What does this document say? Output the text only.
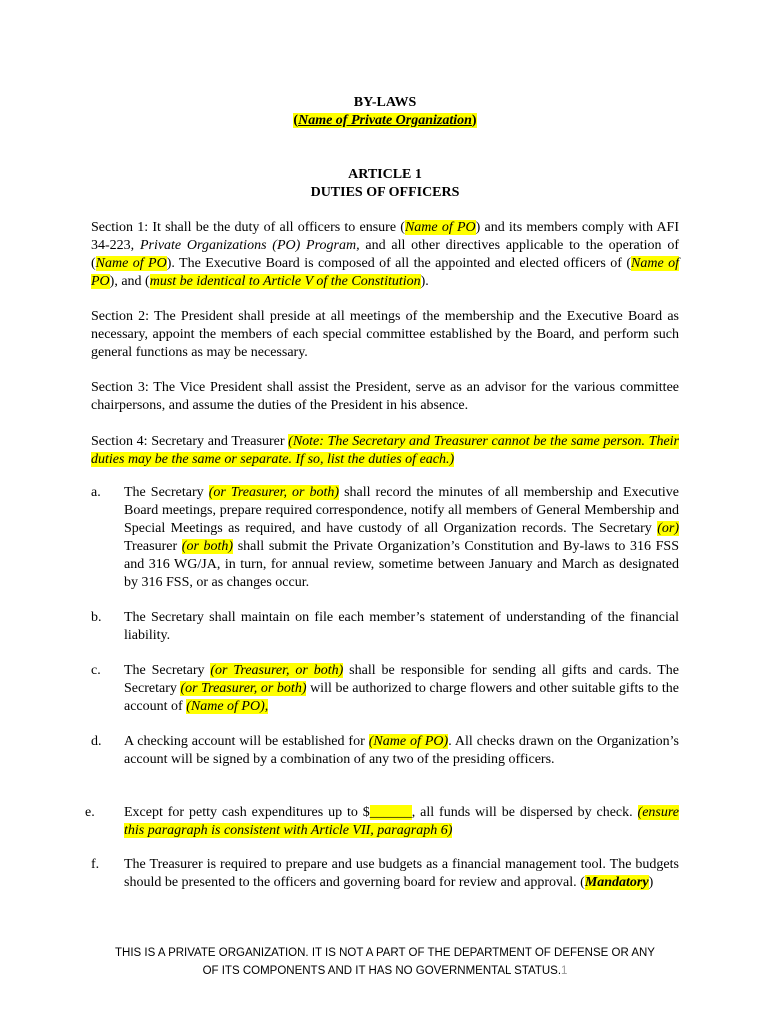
BY-LAWS
(Name of Private Organization)
ARTICLE 1
DUTIES OF OFFICERS
Section 1: It shall be the duty of all officers to ensure (Name of PO) and its members comply with AFI 34-223, Private Organizations (PO) Program, and all other directives applicable to the operation of (Name of PO). The Executive Board is composed of all the appointed and elected officers of (Name of PO), and (must be identical to Article V of the Constitution).
Section 2: The President shall preside at all meetings of the membership and the Executive Board as necessary, appoint the members of each special committee established by the Board, and perform such general functions as may be necessary.
Section 3: The Vice President shall assist the President, serve as an advisor for the various committee chairpersons, and assume the duties of the President in his absence.
Section 4: Secretary and Treasurer (Note: The Secretary and Treasurer cannot be the same person. Their duties may be the same or separate. If so, list the duties of each.)
a. The Secretary (or Treasurer, or both) shall record the minutes of all membership and Executive Board meetings, prepare required correspondence, notify all members of General Membership and Special Meetings as required, and have custody of all Organization records. The Secretary (or) Treasurer (or both) shall submit the Private Organization’s Constitution and By-laws to 316 FSS and 316 WG/JA, in turn, for annual review, sometime between January and March as designated by 316 FSS, or as changes occur.
b. The Secretary shall maintain on file each member’s statement of understanding of the financial liability.
c. The Secretary (or Treasurer, or both) shall be responsible for sending all gifts and cards. The Secretary (or Treasurer, or both) will be authorized to charge flowers and other suitable gifts to the account of (Name of PO),
d. A checking account will be established for (Name of PO). All checks drawn on the Organization’s account will be signed by a combination of any two of the presiding officers.
e. Except for petty cash expenditures up to $______, all funds will be dispersed by check. (ensure this paragraph is consistent with Article VII, paragraph 6)
f. The Treasurer is required to prepare and use budgets as a financial management tool. The budgets should be presented to the officers and governing board for review and approval. (Mandatory)
THIS IS A PRIVATE ORGANIZATION. IT IS NOT A PART OF THE DEPARTMENT OF DEFENSE OR ANY
OF ITS COMPONENTS AND IT HAS NO GOVERNMENTAL STATUS.1
